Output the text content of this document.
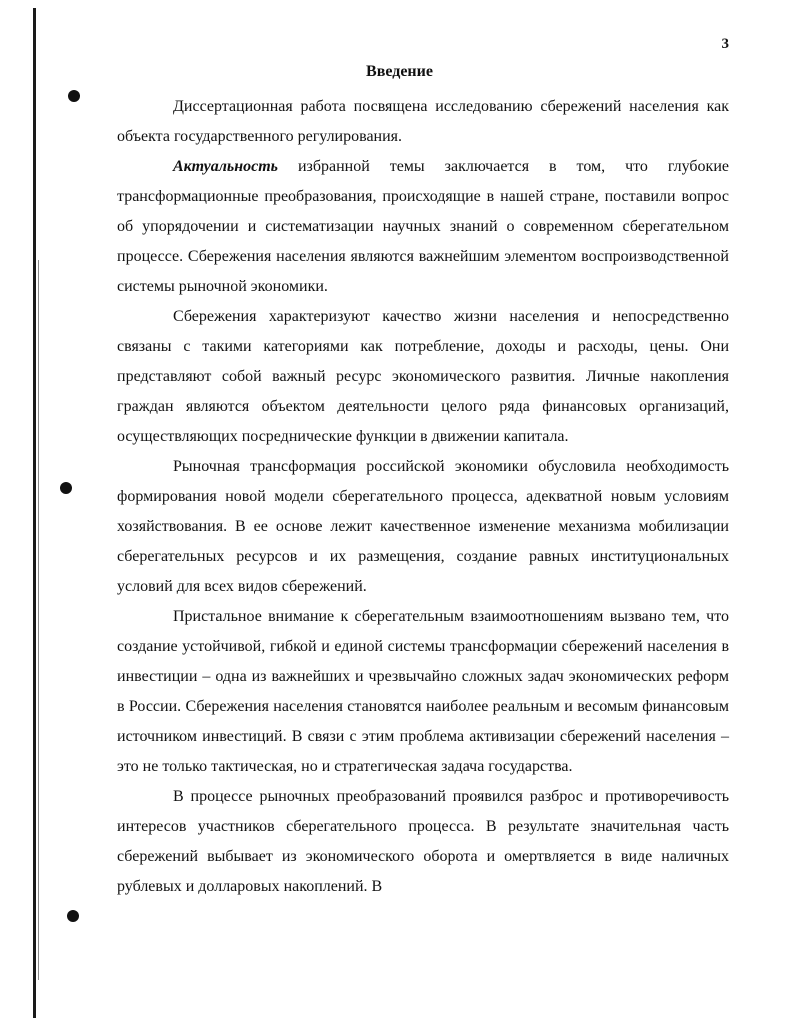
3
Введение

Диссертационная работа посвящена исследованию сбережений населения как объекта государственного регулирования.

Актуальность избранной темы заключается в том, что глубокие трансформационные преобразования, происходящие в нашей стране, поставили вопрос об упорядочении и систематизации научных знаний о современном сберегательном процессе. Сбережения населения являются важнейшим элементом воспроизводственной системы рыночной экономики.

Сбережения характеризуют качество жизни населения и непосредственно связаны с такими категориями как потребление, доходы и расходы, цены. Они представляют собой важный ресурс экономического развития. Личные накопления граждан являются объектом деятельности целого ряда финансовых организаций, осуществляющих посреднические функции в движении капитала.

Рыночная трансформация российской экономики обусловила необходимость формирования новой модели сберегательного процесса, адекватной новым условиям хозяйствования. В ее основе лежит качественное изменение механизма мобилизации сберегательных ресурсов и их размещения, создание равных институциональных условий для всех видов сбережений.

Пристальное внимание к сберегательным взаимоотношениям вызвано тем, что создание устойчивой, гибкой и единой системы трансформации сбережений населения в инвестиции – одна из важнейших и чрезвычайно сложных задач экономических реформ в России. Сбережения населения становятся наиболее реальным и весомым финансовым источником инвестиций. В связи с этим проблема активизации сбережений населения – это не только тактическая, но и стратегическая задача государства.

В процессе рыночных преобразований проявился разброс и противоречивость интересов участников сберегательного процесса. В результате значительная часть сбережений выбывает из экономического оборота и омертвляется в виде наличных рублевых и долларовых накоплений. В
